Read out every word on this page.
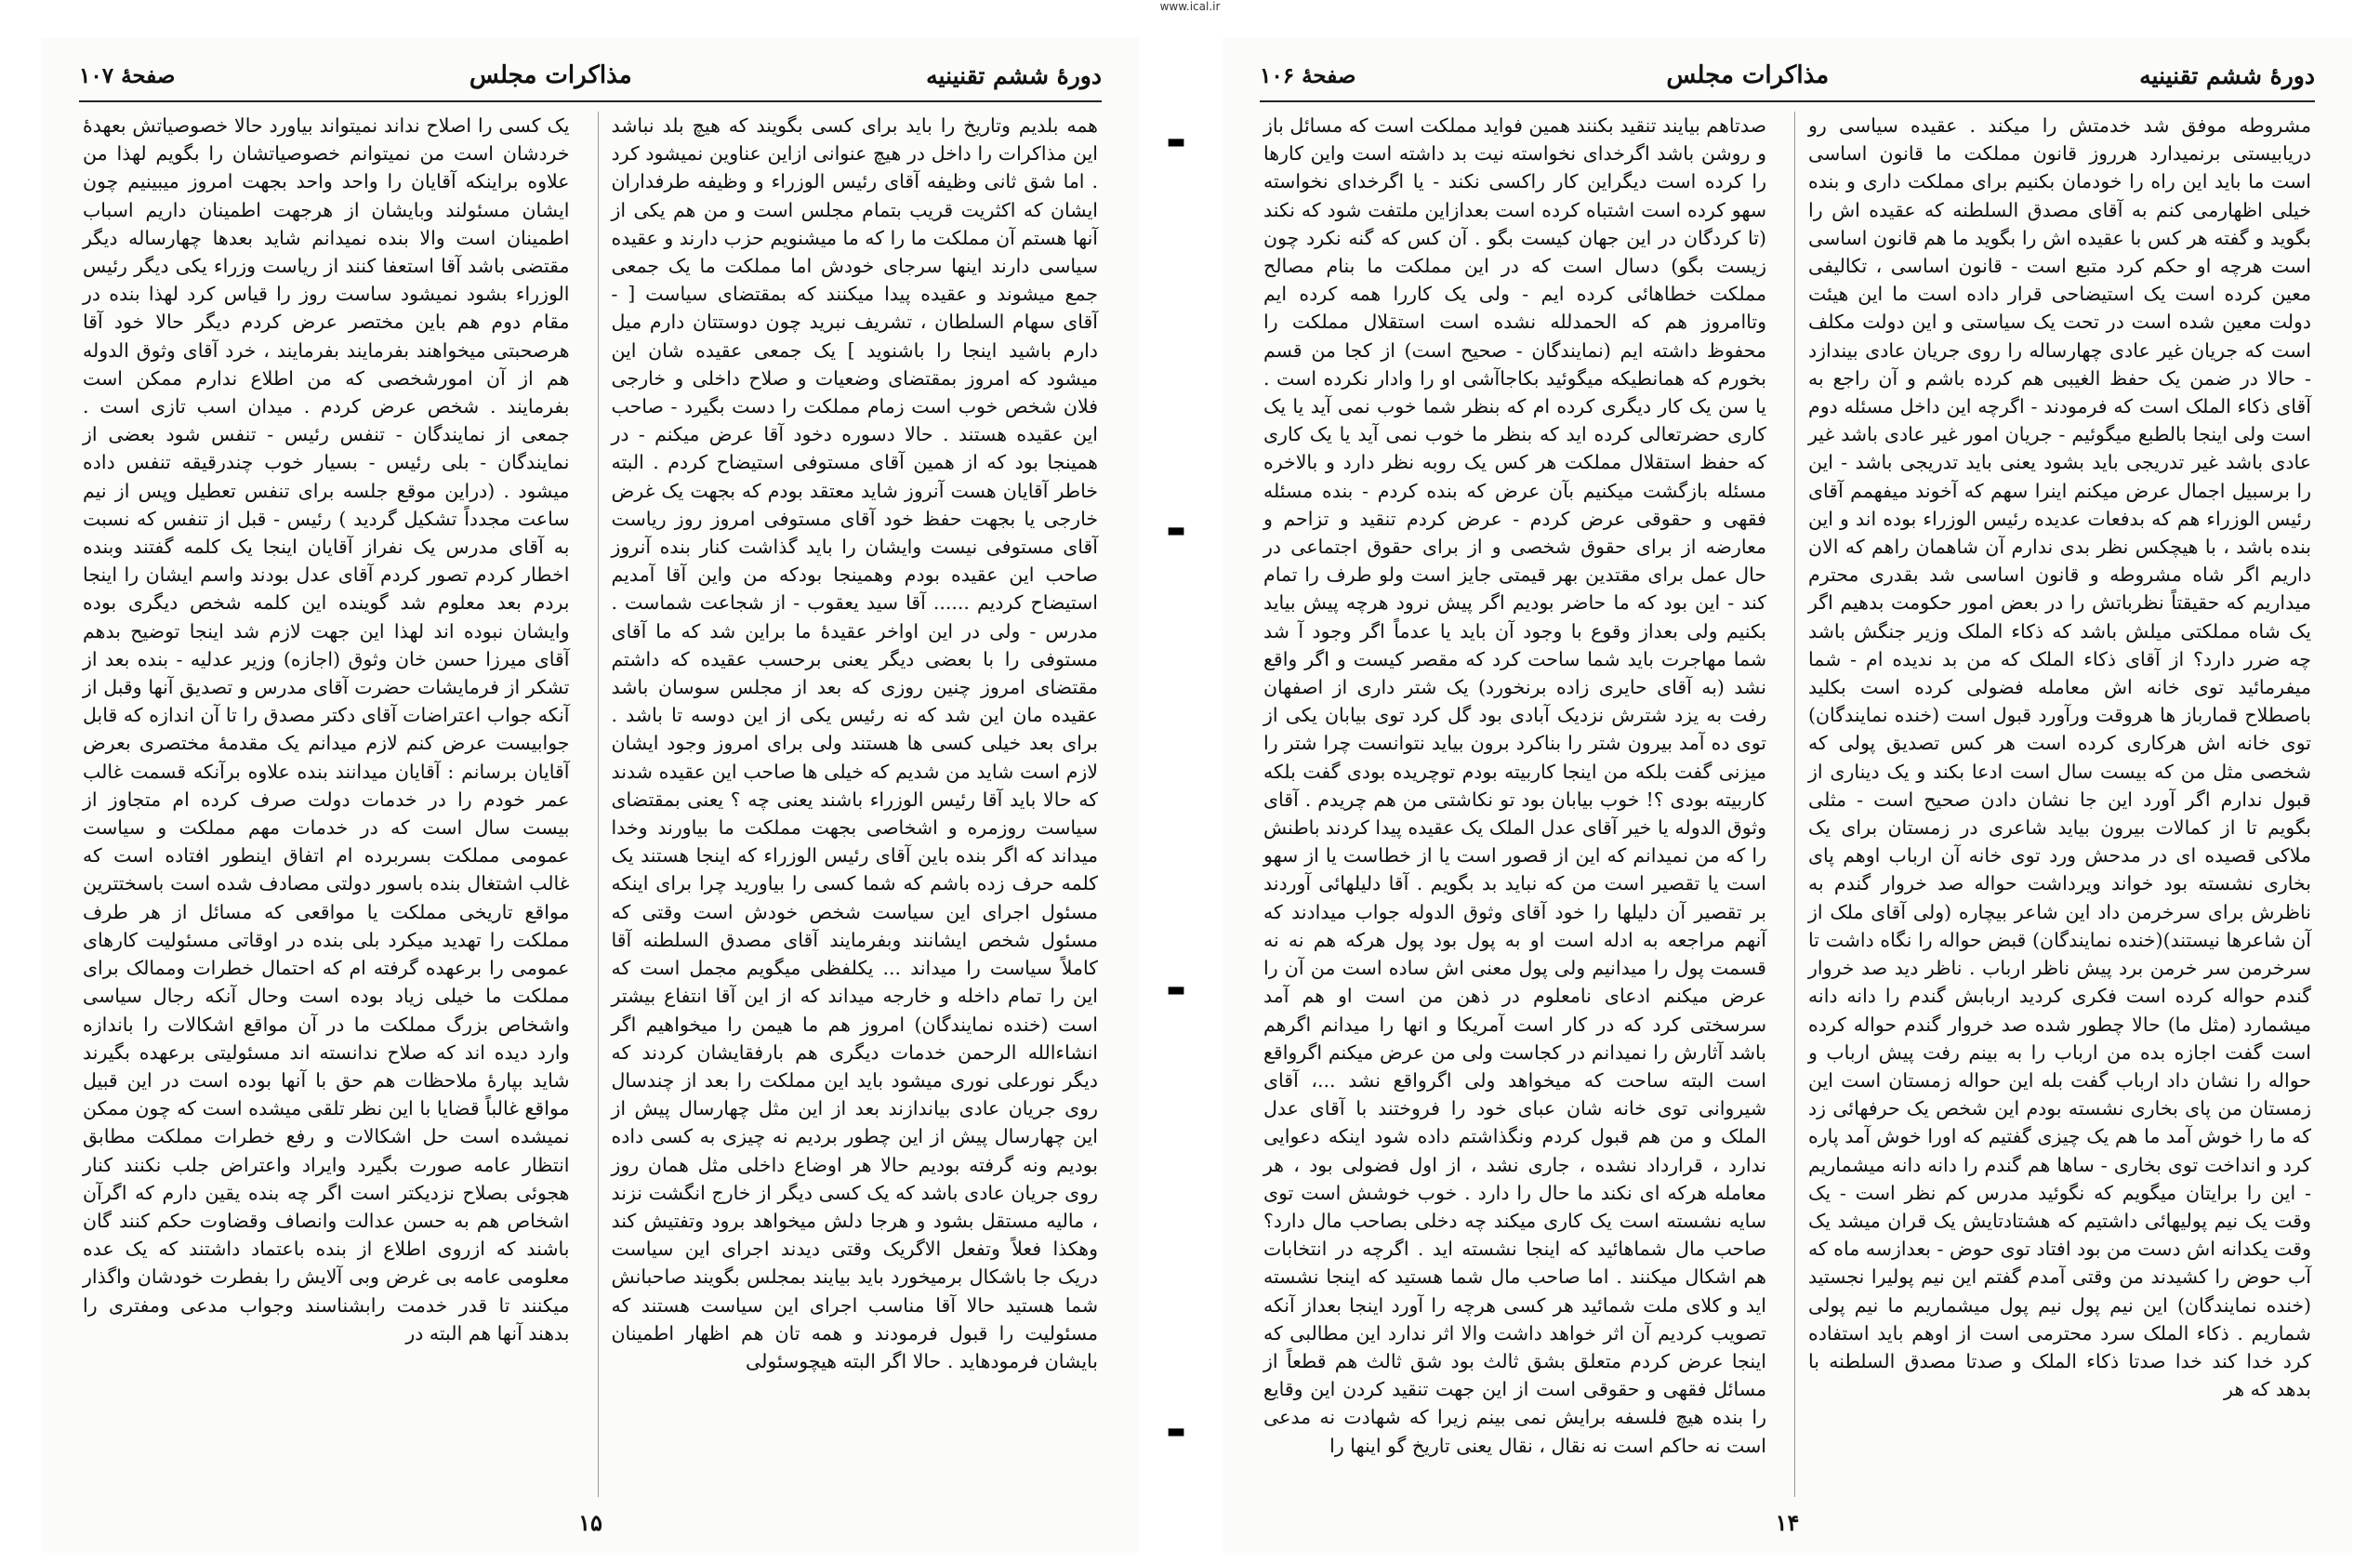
www.ical.ir
دورۀ ششم تقنینیه
مذاکرات مجلس
صفحهٔ ۱۰۷

همه بلدیم وتاریخ را باید برای کسی بگویند که هیچ بلد نباشد این مذاکرات را داخل در هیچ عنوانی ازاین عناوین نمیشود کرد . اما شق ثانی وظیفه آقای رئیس الوزراء و وظیفه طرفداران ایشان که اکثریت قریب بتمام مجلس است و من هم یکی از آنها هستم آن مملکت ما را که ما میشنویم حزب دارند و عقیده سیاسی دارند اینها سرجای خودش اما مملکت ما یک جمعی جمع میشوند و عقیده پیدا میکنند که بمقتضای سیاست [ - آقای سهام السلطان ، تشریف نبرید چون دوستتان دارم میل دارم باشید اینجا را باشنوید ] یک جمعی عقیده شان این میشود که امروز بمقتضای وضعیات و صلاح داخلی و خارجی فلان شخص خوب است زمام مملکت را دست بگیرد - صاحب این عقیده هستند . حالا دسوره دخود آقا عرض میکنم - در همینجا بود که از همین آقای مستوفی استیضاح کردم . البته خاطر آقایان هست آنروز شاید معتقد بودم که بجهت یک غرض خارجی یا بجهت حفظ خود آقای مستوفی امروز روز ریاست آقای مستوفی نیست وایشان را باید گذاشت کنار بنده آنروز صاحب این عقیده بودم وهمینجا بودکه من واین آقا آمدیم استیضاح کردیم ...... آقا سید یعقوب - از شجاعت شماست . مدرس - ولی در این اواخر عقیدهٔ ما براین شد که ما آقای مستوفی را با بعضی دیگر یعنی برحسب عقیده که داشتم مقتضای امروز چنین روزی که بعد از مجلس سوسان باشد عقیده مان این شد که نه رئیس یکی از این دوسه تا باشد . برای بعد خیلی کسی ها هستند ولی برای امروز وجود ایشان لازم است شاید من شدیم که خیلی ها صاحب این عقیده شدند که حالا باید آقا رئیس الوزراء باشند یعنی چه ؟ یعنی بمقتضای سیاست روزمره و اشخاصی بجهت مملکت ما بیاورند وخدا میداند که اگر بنده باین آقای رئیس الوزراء که اینجا هستند یک کلمه حرف زده باشم که شما کسی را بیاورید چرا برای اینکه مسئول اجرای این سیاست شخص خودش است وقتی که مسئول شخص ایشانند وبفرمایند آقای مصدق السلطنه آقا کاملاً سیاست را میداند ... یکلفظی میگویم مجمل است که این را تمام داخله و خارجه میداند که از این آقا انتفاع بیشتر است (خنده نمایندگان) امروز هم ما هیمن را میخواهیم اگر انشاءالله الرحمن خدمات دیگری هم بارفقایشان کردند که دیگر نورعلی نوری میشود باید این مملکت را بعد از چندسال روی جریان عادی بیاندازند بعد از این مثل چهارسال پیش از این چهارسال پیش از این چطور بردیم نه چیزی به کسی داده بودیم ونه گرفته بودیم حالا هر اوضاع داخلی مثل همان روز روی جریان عادی باشد که یک کسی دیگر از خارج انگشت نزند ، مالیه مستقل بشود و هرجا دلش میخواهد برود وتفتیش کند وهکذا فعلاً وتفعل الاگریک وقتی دیدند اجرای این سیاست دریک جا باشکال برمیخورد باید بیایند بمجلس بگویند صاحبانش شما هستید حالا آقا مناسب اجرای این سیاست هستند که مسئولیت را قبول فرمودند و همه تان هم اظهار اطمینان بایشان فرمودهاید . حالا اگر البته هیچوسئولی

یک کسی را اصلاح نداند نمیتواند بیاورد حالا خصوصیاتش بعهدهٔ خردشان است من نمیتوانم خصوصیاتشان را بگویم لهذا من علاوه براینکه آقایان را واحد واحد بجهت امروز میبینیم چون ایشان مسئولند وبایشان از هرجهت اطمینان داریم اسباب اطمینان است والا بنده نمیدانم شاید بعدها چهارساله دیگر مقتضی باشد آقا استعفا کنند از ریاست وزراء یکی دیگر رئیس الوزراء بشود نمیشود ساست روز را قیاس کرد لهذا بنده در مقام دوم هم باین مختصر عرض کردم دیگر حالا خود آقا هرصحبتی میخواهند بفرمایند بفرمایند ، خرد آقای وثوق الدوله هم از آن امورشخصی که من اطلاع ندارم ممکن است بفرمایند . شخص عرض کردم . میدان اسب تازی است . جمعی از نمایندگان - تنفس رئیس - تنفس شود بعضی از نمایندگان - بلی رئیس - بسیار خوب چندرقیقه تنفس داده میشود . (دراین موقع جلسه برای تنفس تعطیل وپس از نیم ساعت مجدداً تشکیل گردید ) رئیس - قبل از تنفس که نسبت به آقای مدرس یک نفراز آقایان اینجا یک کلمه گفتند وبنده اخطار کردم تصور کردم آقای عدل بودند واسم ایشان را اینجا بردم بعد معلوم شد گوینده این کلمه شخص دیگری بوده وایشان نبوده اند لهذا این جهت لازم شد اینجا توضیح بدهم آقای میرزا حسن خان وثوق (اجازه) وزیر عدلیه - بنده بعد از تشکر از فرمایشات حضرت آقای مدرس و تصدیق آنها وقبل از آنکه جواب اعتراضات آقای دکتر مصدق را تا آن اندازه که قابل جوابیست عرض کنم لازم میدانم یک مقدمهٔ مختصری بعرض آقایان برسانم : آقایان میدانند بنده علاوه برآنکه قسمت غالب عمر خودم را در خدمات دولت صرف کرده ام متجاوز از بیست سال است که در خدمات مهم مملکت و سیاست عمومی مملکت بسربرده ام اتفاق اینطور افتاده است که غالب اشتغال بنده باسور دولتی مصادف شده است باسختترین مواقع تاریخی مملکت یا مواقعی که مسائل از هر طرف مملکت را تهدید میکرد بلی بنده در اوقاتی مسئولیت کارهای عمومی را برعهده گرفته ام که احتمال خطرات وممالک برای مملکت ما خیلی زیاد بوده است وحال آنکه رجال سیاسی واشخاص بزرگ مملکت ما در آن مواقع اشکالات را باندازه وارد دیده اند که صلاح ندانسته اند مسئولیتی برعهده بگیرند شاید بپارهٔ ملاحظات هم حق با آنها بوده است در این قبیل مواقع غالباً قضایا با این نظر تلقی میشده است که چون ممکن نمیشده است حل اشکالات و رفع خطرات مملکت مطابق انتظار عامه صورت بگیرد وایراد واعتراض جلب نکنند کنار هجوئی بصلاح نزدیکتر است اگر چه بنده یقین دارم که اگرآن اشخاص هم به حسن عدالت وانصاف وقضاوت حکم کنند گان باشند که ازروی اطلاع از بنده باعتماد داشتند که یک عده معلومی عامه بی غرض وبی آلایش را بفطرت خودشان واگذار میکنند تا قدر خدمت رابشناسند وجواب مدعی ومفتری را بدهند آنها هم البته در

۱۵
▬
▬
▬
▬
دورۀ ششم تقنینیه
مذاکرات مجلس
صفحهٔ ۱۰۶

مشروطه موفق شد خدمتش را میکند . عقیده سیاسی رو دریابیستی برنمیدارد هرروز قانون مملکت ما قانون اساسی است ما باید این راه را خودمان بکنیم برای مملکت داری و بنده خیلی اظهارمی کنم به آقای مصدق السلطنه که عقیده اش را بگوید و گفته هر کس با عقیده اش را بگوید ما هم قانون اساسی است هرچه او حکم کرد متبع است - قانون اساسی ، تکالیفی معین کرده است یک استیضاحی قرار داده است ما این هیئت دولت معین شده است در تحت یک سیاستی و این دولت مکلف است که جریان غیر عادی چهارساله را روی جریان عادی بیندازد - حالا در ضمن یک حفظ الغیبی هم کرده باشم و آن راجع به آقای ذکاء الملک است که فرمودند - اگرچه این داخل مسئله دوم است ولی اینجا بالطبع میگوئیم - جریان امور غیر عادی باشد غیر عادی باشد غیر تدریجی باید بشود یعنی باید تدریجی باشد - این را برسبیل اجمال عرض میکنم اینرا سهم که آخوند میفهمم آقای رئیس الوزراء هم که بدفعات عدیده رئیس الوزراء بوده اند و این بنده باشد ، با هیچکس نظر بدی ندارم آن شاهمان راهم که الان داریم اگر شاه مشروطه و قانون اساسی شد بقدری محترم میداریم که حقیقتاً نظرباتش را در بعض امور حکومت بدهیم اگر یک شاه مملکتی میلش باشد که ذکاء الملک وزیر جنگش باشد چه ضرر دارد؟ از آقای ذکاء الملک که من بد ندیده ام - شما میفرمائید توی خانه اش معامله فضولی کرده است بکلید باصطلاح قمارباز ها هروقت ورآورد قبول است (خنده نمایندگان) توی خانه اش هرکاری کرده است هر کس تصدیق پولی که شخصی مثل من که بیست سال است ادعا بکند و یک دیناری از قبول ندارم اگر آورد این جا نشان دادن صحیح است - مثلی بگویم تا از کمالات بیرون بیاید شاعری در زمستان برای یک ملاکی قصیده ای در مدحش ورد توی خانه آن ارباب اوهم پای بخاری نشسته بود خواند ویرداشت حواله صد خروار گندم به ناظرش برای سرخرمن داد این شاعر بیچاره (ولی آقای ملک از آن شاعرها نیستند)(خنده نمایندگان) قبض حواله را نگاه داشت تا سرخرمن سر خرمن برد پیش ناظر ارباب . ناظر دید صد خروار گندم حواله کرده است فکری کردید اربابش گندم را دانه دانه میشمارد (مثل ما) حالا چطور شده صد خروار گندم حواله کرده است گفت اجازه بده من ارباب را به بینم رفت پیش ارباب و حواله را نشان داد ارباب گفت بله این حواله زمستان است این زمستان من پای بخاری نشسته بودم این شخص یک حرفهائی زد که ما را خوش آمد ما هم یک چیزی گفتیم که اورا خوش آمد پاره کرد و انداخت توی بخاری - ساها هم گندم را دانه دانه میشماریم - این را برایتان میگویم که نگوئید مدرس کم نظر است - یک وقت یک نیم پولیهائی داشتیم که هشتادتایش یک قران میشد یک وقت یکدانه اش دست من بود افتاد توی حوض - بعدازسه ماه که آب حوض را کشیدند من وقتی آمدم گفتم این نیم پولیرا نجستید (خنده نمایندگان) این نیم پول نیم پول میشماریم ما نیم پولی شماریم . ذکاء الملک سرد محترمی است از اوهم باید استفاده کرد خدا کند خدا صدتا ذکاء الملک و صدتا مصدق السلطنه با بدهد که هر

صدتاهم بیایند تنقید بکنند همین فواید مملکت است که مسائل باز و روشن باشد اگرخدای نخواسته نیت بد داشته است واین کارها را کرده است دیگراین کار راکسی نکند - یا اگرخدای نخواسته سهو کرده است اشتباه کرده است بعدازاین ملتفت شود که نکند (تا کردگان در این جهان کیست بگو . آن کس که گنه نکرد چون زیست بگو) دسال است که در این مملکت ما بنام مصالح مملکت خطاهائی کرده ایم - ولی یک کاررا همه کرده ایم وتاامروز هم که الحمدلله نشده است استقلال مملکت را محفوظ داشته ایم (نمایندگان - صحیح است) از کجا من قسم بخورم که همانطیکه میگوئید بکاجاآشی او را وادار نکرده است . یا سن یک کار دیگری کرده ام که بنظر شما خوب نمی آید یا یک کاری حضرتعالی کرده اید که بنظر ما خوب نمی آید یا یک کاری که حفظ استقلال مملکت هر کس یک روبه نظر دارد و بالاخره مسئله بازگشت میکنیم بآن عرض که بنده کردم - بنده مسئله فقهی و حقوقی عرض کردم - عرض کردم تنقید و تزاحم و معارضه از برای حقوق شخصی و از برای حقوق اجتماعی در حال عمل برای مقتدین بهر قیمتی جایز است ولو طرف را تمام کند - این بود که ما حاضر بودیم اگر پیش نرود هرچه پیش بیاید بکنیم ولی بعداز وقوع با وجود آن باید یا عدماً اگر وجود آ شد شما مهاجرت باید شما ساحت کرد که مقصر کیست و اگر واقع نشد (به آقای حایری زاده برنخورد) یک شتر داری از اصفهان رفت به یزد شترش نزدیک آبادی بود گل کرد توی بیابان یکی از توی ده آمد بیرون شتر را بناکرد برون بیاید نتوانست چرا شتر را میزنی گفت بلکه من اینجا کاربیته بودم توچریده بودی گفت بلکه کاربیته بودی ؟! خوب بیابان بود تو نکاشتی من هم چریدم . آقای وثوق الدوله یا خیر آقای عدل الملک یک عقیده پیدا کردند باطنش را که من نمیدانم که این از قصور است یا از خطاست یا از سهو است یا تقصیر است من که نباید بد بگویم . آقا دلیلهائی آوردند بر تقصیر آن دلیلها را خود آقای وثوق الدوله جواب میدادند که آنهم مراجعه به ادله است او به پول بود پول هرکه هم نه نه قسمت پول را میدانیم ولی پول معنی اش ساده است من آن را عرض میکنم ادعای نامعلوم در ذهن من است او هم آمد سرسختی کرد که در کار است آمریکا و انها را میدانم اگرهم باشد آثارش را نمیدانم در کجاست ولی من عرض میکنم اگرواقع است البته ساحت که میخواهد ولی اگرواقع نشد ...، آقای شیروانی توی خانه شان عبای خود را فروختند با آقای عدل الملک و من هم قبول کردم ونگذاشتم داده شود اینکه دعوایی ندارد ، قرارداد نشده ، جاری نشد ، از اول فضولی بود ، هر معامله هرکه ای نکند ما حال را دارد . خوب خوشش است توی سایه نشسته است یک کاری میکند چه دخلی بصاحب مال دارد؟ صاحب مال شماهائید که اینجا نشسته اید . اگرچه در انتخابات هم اشکال میکنند . اما صاحب مال شما هستید که اینجا نشسته اید و کلای ملت شمائید هر کسی هرچه را آورد اینجا بعداز آنکه تصویب کردیم آن اثر خواهد داشت والا اثر ندارد این مطالبی که اینجا عرض کردم متعلق بشق ثالث بود شق ثالث هم قطعاً از مسائل فقهی و حقوقی است از این جهت تنقید کردن این وقایع را بنده هیچ فلسفه برایش نمی بینم زیرا که شهادت نه مدعی است نه حاکم است نه نقال ، نقال یعنی تاریخ گو اینها را

۱۴
